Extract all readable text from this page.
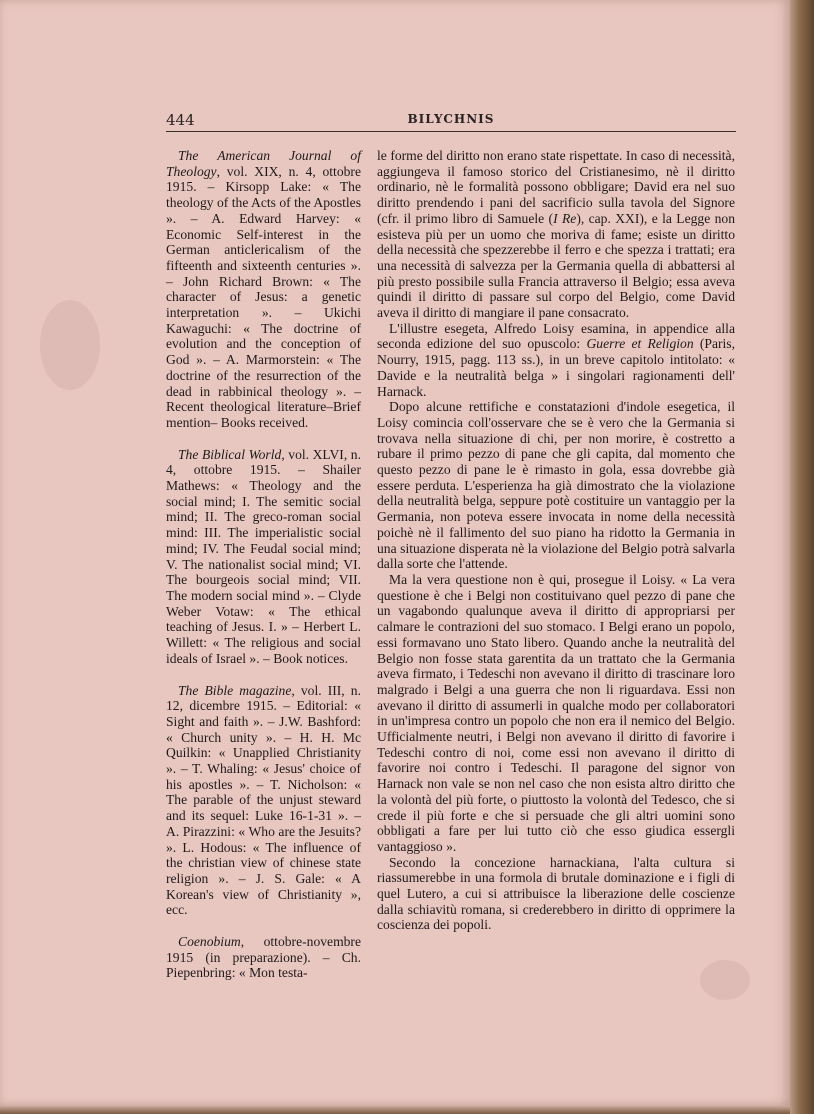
444	BILYCHNIS
The American Journal of Theology, vol. XIX, n. 4, ottobre 1915. – Kirsopp Lake: « The theology of the Acts of the Apostles ». – A. Edward Harvey: « Economic Self-interest in the German anticlericalism of the fifteenth and sixteenth centuries ». – John Richard Brown: « The character of Jesus: a genetic interpretation ». – Ukichi Kawaguchi: « The doctrine of evolution and the conception of God ». – A. Marmorstein: « The doctrine of the resurrection of the dead in rabbinical theology ». – Recent theological literature–Brief mention– Books received.
The Biblical World, vol. XLVI, n. 4, ottobre 1915. – Shailer Mathews: « Theology and the social mind; I. The semitic social mind; II. The greco-roman social mind: III. The imperialistic social mind; IV. The Feudal social mind; V. The nationalist social mind; VI. The bourgeois social mind; VII. The modern social mind ». – Clyde Weber Votaw: « The ethical teaching of Jesus. I. » – Herbert L. Willett: « The religious and social ideals of Israel ». – Book notices.
The Bible magazine, vol. III, n. 12, dicembre 1915. – Editorial: « Sight and faith ». – J.W. Bashford: « Church unity ». – H. H. Mc Quilkin: « Unapplied Christianity ». – T. Whaling: « Jesus' choice of his apostles ». – T. Nicholson: « The parable of the unjust steward and its sequel: Luke 16-1-31 ». – A. Pirazzini: « Who are the Jesuits? ». L. Hodous: « The influence of the christian view of chinese state religion ». – J. S. Gale: « A Korean's view of Christianity », ecc.
Coenobium, ottobre-novembre 1915 (in preparazione). – Ch. Piepenbring: « Mon testa-

le forme del diritto non erano state rispettate. In caso di necessità, aggiungeva il famoso storico del Cristianesimo, nè il diritto ordinario, nè le formalità possono obbligare; David era nel suo diritto prendendo i pani del sacrificio sulla tavola del Signore (cfr. il primo libro di Samuele (I Re), cap. XXI), e la Legge non esisteva più per un uomo che moriva di fame; esiste un diritto della necessità che spezzerebbe il ferro e che spezza i trattati; era una necessità di salvezza per la Germania quella di abbattersi al più presto possibile sulla Francia attraverso il Belgio; essa aveva quindi il diritto di passare sul corpo del Belgio, come David aveva il diritto di mangiare il pane consacrato.

L'illustre esegeta, Alfredo Loisy esamina, in appendice alla seconda edizione del suo opuscolo: Guerre et Religion (Paris, Nourry, 1915, pagg. 113 ss.), in un breve capitolo intitolato: « Davide e la neutralità belga » i singolari ragionamenti dell' Harnack.

Dopo alcune rettifiche e constatazioni d'indole esegetica, il Loisy comincia coll'osservare che se è vero che la Germania si trovava nella situazione di chi, per non morire, è costretto a rubare il primo pezzo di pane che gli capita, dal momento che questo pezzo di pane le è rimasto in gola, essa dovrebbe già essere perduta. L'esperienza ha già dimostrato che la violazione della neutralità belga, seppure potè costituire un vantaggio per la Germania, non poteva essere invocata in nome della necessità poichè nè il fallimento del suo piano ha ridotto la Germania in una situazione disperata nè la violazione del Belgio potrà salvarla dalla sorte che l'attende.

Ma la vera questione non è qui, prosegue il Loisy. « La vera questione è che i Belgi non costituivano quel pezzo di pane che un vagabondo qualunque aveva il diritto di appropriarsi per calmare le contrazioni del suo stomaco. I Belgi erano un popolo, essi formavano uno Stato libero. Quando anche la neutralità del Belgio non fosse stata garentita da un trattato che la Germania aveva firmato, i Tedeschi non avevano il diritto di trascinare loro malgrado i Belgi a una guerra che non li riguardava. Essi non avevano il diritto di assumerli in qualche modo per collaboratori in un'impresa contro un popolo che non era il nemico del Belgio. Ufficialmente neutri, i Belgi non avevano il diritto di favorire i Tedeschi contro di noi, come essi non avevano il diritto di favorire noi contro i Tedeschi. Il paragone del signor von Harnack non vale se non nel caso che non esista altro diritto che la volontà del più forte, o piuttosto la volontà del Tedesco, che si crede il più forte e che si persuade che gli altri uomini sono obbligati a fare per lui tutto ciò che esso giudica essergli vantaggioso ».

Secondo la concezione harnackiana, l'alta cultura si riassumerebbe in una formola di brutale dominazione e i figli di quel Lutero, a cui si attribuisce la liberazione delle coscienze dalla schiavitù romana, si crederebbero in diritto di opprimere la coscienza dei popoli.
